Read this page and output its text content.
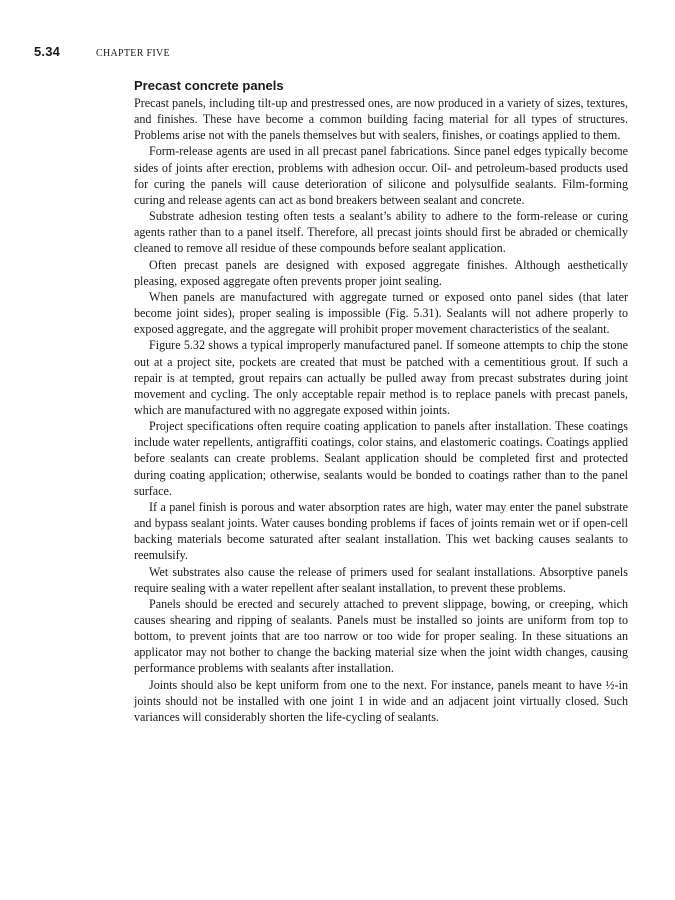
5.34	CHAPTER FIVE
Precast concrete panels

Precast panels, including tilt-up and prestressed ones, are now produced in a variety of sizes, textures, and finishes. These have become a common building facing material for all types of structures. Problems arise not with the panels themselves but with sealers, finishes, or coatings applied to them.

Form-release agents are used in all precast panel fabrications. Since panel edges typically become sides of joints after erection, problems with adhesion occur. Oil- and petroleum-based products used for curing the panels will cause deterioration of silicone and polysulfide sealants. Film-forming curing and release agents can act as bond breakers between sealant and concrete.

Substrate adhesion testing often tests a sealant’s ability to adhere to the form-release or curing agents rather than to a panel itself. Therefore, all precast joints should first be abraded or chemically cleaned to remove all residue of these compounds before sealant application.

Often precast panels are designed with exposed aggregate finishes. Although aesthetically pleasing, exposed aggregate often prevents proper joint sealing.

When panels are manufactured with aggregate turned or exposed onto panel sides (that later become joint sides), proper sealing is impossible (Fig. 5.31). Sealants will not adhere properly to exposed aggregate, and the aggregate will prohibit proper movement characteristics of the sealant.

Figure 5.32 shows a typical improperly manufactured panel. If someone attempts to chip the stone out at a project site, pockets are created that must be patched with a cementitious grout. If such a repair is at tempted, grout repairs can actually be pulled away from precast substrates during joint movement and cycling. The only acceptable repair method is to replace panels with precast panels, which are manufactured with no aggregate exposed within joints.

Project specifications often require coating application to panels after installation. These coatings include water repellents, antigraffiti coatings, color stains, and elastomeric coatings. Coatings applied before sealants can create problems. Sealant application should be completed first and protected during coating application; otherwise, sealants would be bonded to coatings rather than to the panel surface.

If a panel finish is porous and water absorption rates are high, water may enter the panel substrate and bypass sealant joints. Water causes bonding problems if faces of joints remain wet or if open-cell backing materials become saturated after sealant installation. This wet backing causes sealants to reemulsify.

Wet substrates also cause the release of primers used for sealant installations. Absorptive panels require sealing with a water repellent after sealant installation, to prevent these problems.

Panels should be erected and securely attached to prevent slippage, bowing, or creeping, which causes shearing and ripping of sealants. Panels must be installed so joints are uniform from top to bottom, to prevent joints that are too narrow or too wide for proper sealing. In these situations an applicator may not bother to change the backing material size when the joint width changes, causing performance problems with sealants after installation.

Joints should also be kept uniform from one to the next. For instance, panels meant to have ½-in joints should not be installed with one joint 1 in wide and an adjacent joint virtually closed. Such variances will considerably shorten the life-cycling of sealants.
